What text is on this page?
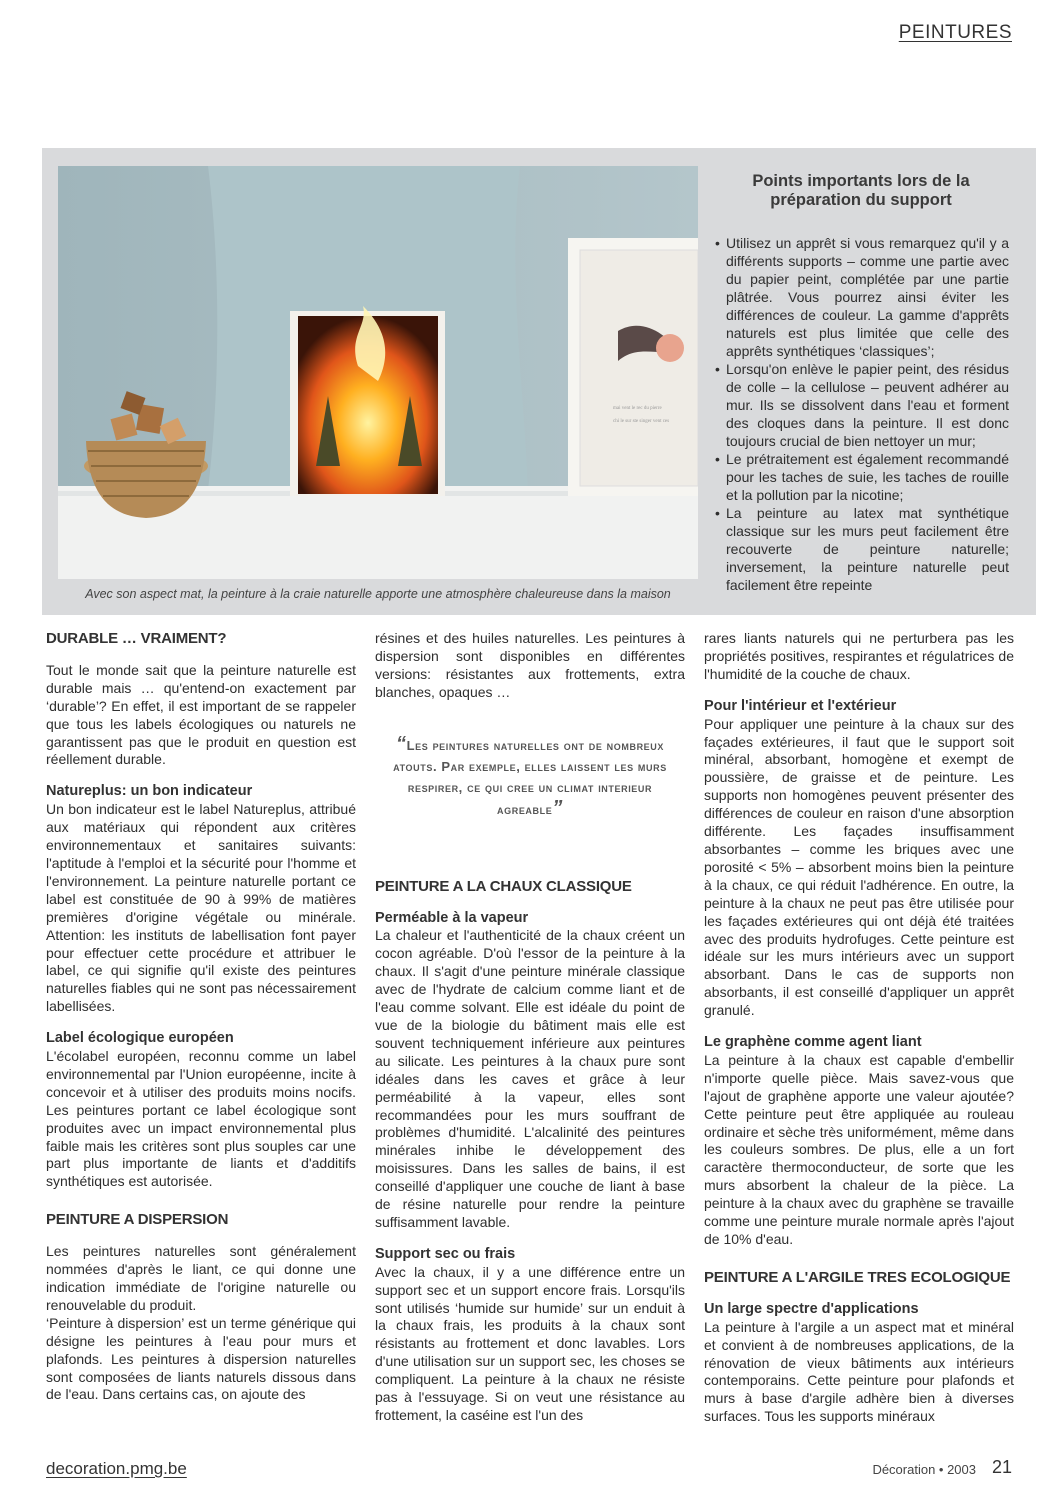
PEINTURES
mai vent le rec du pierre
chi le sur ste singer vent ces
Avec son aspect mat, la peinture à la craie naturelle apporte une atmosphère chaleureuse dans la maison
Points importants lors de la préparation du support
• Utilisez un apprêt si vous remarquez qu'il y a différents supports – comme une partie avec du papier peint, complétée par une partie plâtrée. Vous pourrez ainsi éviter les différences de couleur. La gamme d'apprêts naturels est plus limitée que celle des apprêts synthétiques ‘classiques’;
• Lorsqu'on enlève le papier peint, des résidus de colle – la cellulose – peuvent adhérer au mur. Ils se dissolvent dans l'eau et forment des cloques dans la peinture. Il est donc toujours crucial de bien nettoyer un mur;
• Le prétraitement est également recommandé pour les taches de suie, les taches de rouille et la pollution par la nicotine;
• La peinture au latex mat synthétique classique sur les murs peut facilement être recouverte de peinture naturelle; inversement, la peinture naturelle peut facilement être repeinte
DURABLE … VRAIMENT?

Tout le monde sait que la peinture naturelle est durable mais … qu'entend-on exactement par ‘durable’? En effet, il est important de se rappeler que tous les labels écologiques ou naturels ne garantissent pas que le produit en question est réellement durable.

Natureplus: un bon indicateur

Un bon indicateur est le label Natureplus, attribué aux matériaux qui répondent aux critères environnementaux et sanitaires suivants: l'aptitude à l'emploi et la sécurité pour l'homme et l'environnement. La peinture naturelle portant ce label est constituée de 90 à 99% de matières premières d'origine végétale ou minérale. Attention: les instituts de labellisation font payer pour effectuer cette procédure et attribuer le label, ce qui signifie qu'il existe des peintures naturelles fiables qui ne sont pas nécessairement labellisées.

Label écologique européen

L'écolabel européen, reconnu comme un label environnemental par l'Union européenne, incite à concevoir et à utiliser des produits moins nocifs. Les peintures portant ce label écologique sont produites avec un impact environnemental plus faible mais les critères sont plus souples car une part plus importante de liants et d'additifs synthétiques est autorisée.

PEINTURE A DISPERSION

Les peintures naturelles sont généralement nommées d'après le liant, ce qui donne une indication immédiate de l'origine naturelle ou renouvelable du produit.

‘Peinture à dispersion’ est un terme générique qui désigne les peintures à l'eau pour murs et plafonds. Les peintures à dispersion naturelles sont composées de liants naturels dissous dans de l'eau. Dans certains cas, on ajoute des

résines et des huiles naturelles. Les peintures à dispersion sont disponibles en différentes versions: résistantes aux frottements, extra blanches, opaques …

“Les peintures naturelles ont de nombreux atouts. Par exemple, elles laissent les murs respirer, ce qui cree un climat interieur agreable”
PEINTURE A LA CHAUX CLASSIQUE
Perméable à la vapeur

La chaleur et l'authenticité de la chaux créent un cocon agréable. D'où l'essor de la peinture à la chaux. Il s'agit d'une peinture minérale classique avec de l'hydrate de calcium comme liant et de l'eau comme solvant. Elle est idéale du point de vue de la biologie du bâtiment mais elle est souvent techniquement inférieure aux peintures au silicate. Les peintures à la chaux pure sont idéales dans les caves et grâce à leur perméabilité à la vapeur, elles sont recommandées pour les murs souffrant de problèmes d'humidité. L'alcalinité des peintures minérales inhibe le développement des moisissures. Dans les salles de bains, il est conseillé d'appliquer une couche de liant à base de résine naturelle pour rendre la peinture suffisamment lavable.

Support sec ou frais

Avec la chaux, il y a une différence entre un support sec et un support encore frais. Lorsqu'ils sont utilisés ‘humide sur humide’ sur un enduit à la chaux frais, les produits à la chaux sont résistants au frottement et donc lavables. Lors d'une utilisation sur un support sec, les choses se compliquent. La peinture à la chaux ne résiste pas à l'essuyage. Si on veut une résistance au frottement, la caséine est l'un des

rares liants naturels qui ne perturbera pas les propriétés positives, respirantes et régulatrices de l'humidité de la couche de chaux.

Pour l'intérieur et l'extérieur

Pour appliquer une peinture à la chaux sur des façades extérieures, il faut que le support soit minéral, absorbant, homogène et exempt de poussière, de graisse et de peinture. Les supports non homogènes peuvent présenter des différences de couleur en raison d'une absorption différente. Les façades insuffisamment absorbantes – comme les briques avec une porosité < 5% – absorbent moins bien la peinture à la chaux, ce qui réduit l'adhérence. En outre, la peinture à la chaux ne peut pas être utilisée pour les façades extérieures qui ont déjà été traitées avec des produits hydrofuges. Cette peinture est idéale sur les murs intérieurs avec un support absorbant. Dans le cas de supports non absorbants, il est conseillé d'appliquer un apprêt granulé.

Le graphène comme agent liant

La peinture à la chaux est capable d'embellir n'importe quelle pièce. Mais savez-vous que l'ajout de graphène apporte une valeur ajoutée? Cette peinture peut être appliquée au rouleau ordinaire et sèche très uniformément, même dans les couleurs sombres. De plus, elle a un fort caractère thermoconducteur, de sorte que les murs absorbent la chaleur de la pièce. La peinture à la chaux avec du graphène se travaille comme une peinture murale normale après l'ajout de 10% d'eau.

PEINTURE A L'ARGILE TRES ECOLOGIQUE
Un large spectre d'applications

La peinture à l'argile a un aspect mat et minéral et convient à de nombreuses applications, de la rénovation de vieux bâtiments aux intérieurs contemporains. Cette peinture pour plafonds et murs à base d'argile adhère bien à diverses surfaces. Tous les supports minéraux

decoration.pmg.be	Décoration • 2003 21
